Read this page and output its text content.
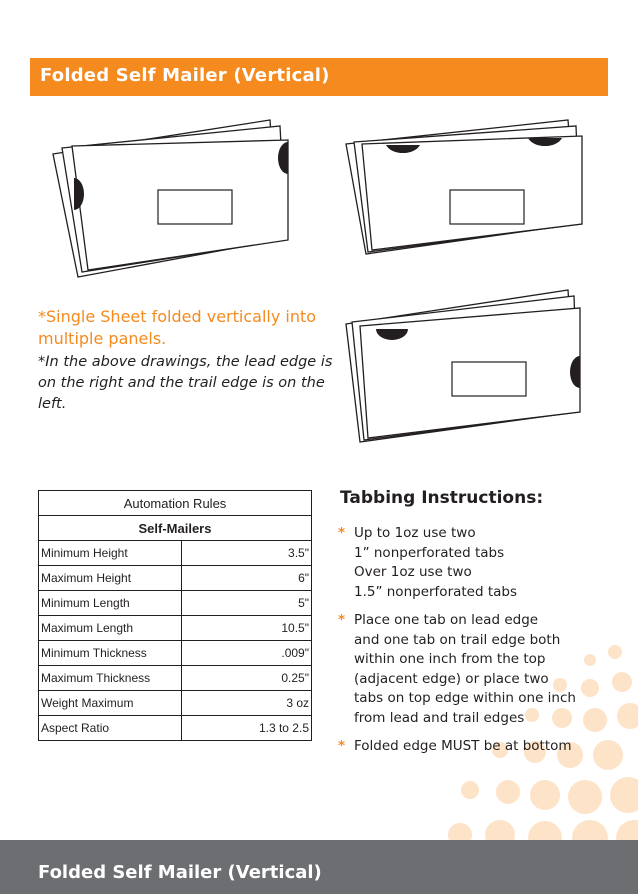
Folded Self Mailer (Vertical)
*Single Sheet folded vertically into multiple panels.
*In the above drawings, the lead edge is on the right and the trail edge is on the left.
Automation Rules	
Self-Mailers	
Minimum Height	3.5"
Maximum Height	6"
Minimum Length	5"
Maximum Length	10.5"
Minimum Thickness	.009"
Maximum Thickness	0.25"
Weight Maximum	3 oz
Aspect Ratio	1.3 to 2.5
Tabbing Instructions:
* Up to 1oz use two
1” nonperforated tabs
Over 1oz use two
1.5” nonperforated tabs
* Place one tab on lead edge
and one tab on trail edge both
within one inch from the top
(adjacent edge) or place two
tabs on top edge within one inch
from lead and trail edges
* Folded edge MUST be at bottom
Folded Self Mailer (Vertical)
